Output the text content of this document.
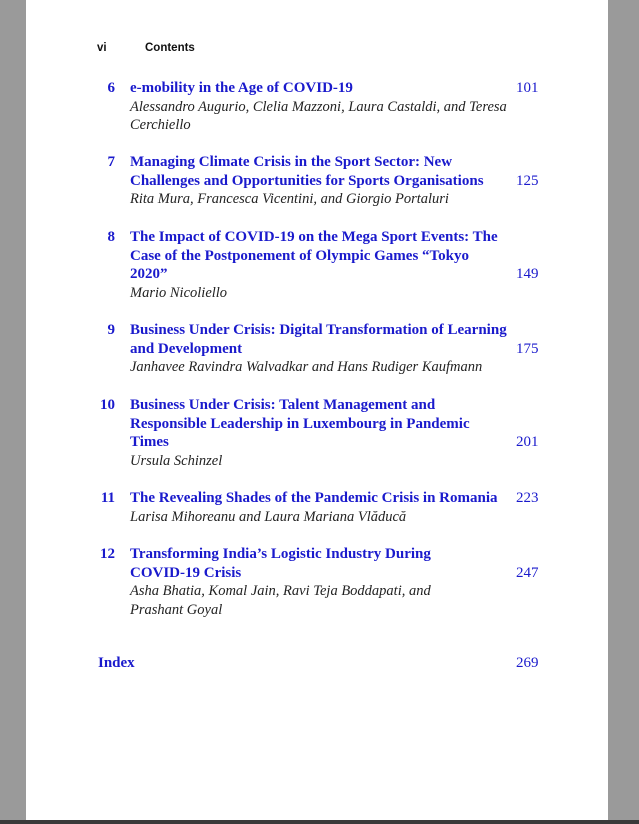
vi	Contents
6 e-mobility in the Age of COVID-19
Alessandro Augurio, Clelia Mazzoni, Laura Castaldi, and Teresa Cerchiello
101
7 Managing Climate Crisis in the Sport Sector: New Challenges and Opportunities for Sports Organisations
Rita Mura, Francesca Vicentini, and Giorgio Portaluri
125
8 The Impact of COVID-19 on the Mega Sport Events: The Case of the Postponement of Olympic Games “Tokyo 2020”
Mario Nicoliello
149
9 Business Under Crisis: Digital Transformation of Learning and Development
Janhavee Ravindra Walvadkar and Hans Rudiger Kaufmann
175
10 Business Under Crisis: Talent Management and Responsible Leadership in Luxembourg in Pandemic Times
Ursula Schinzel
201
11 The Revealing Shades of the Pandemic Crisis in Romania
Larisa Mihoreanu and Laura Mariana Vlăducă
223
12 Transforming India’s Logistic Industry During COVID-19 Crisis
Asha Bhatia, Komal Jain, Ravi Teja Boddapati, and Prashant Goyal
247
Index	269
